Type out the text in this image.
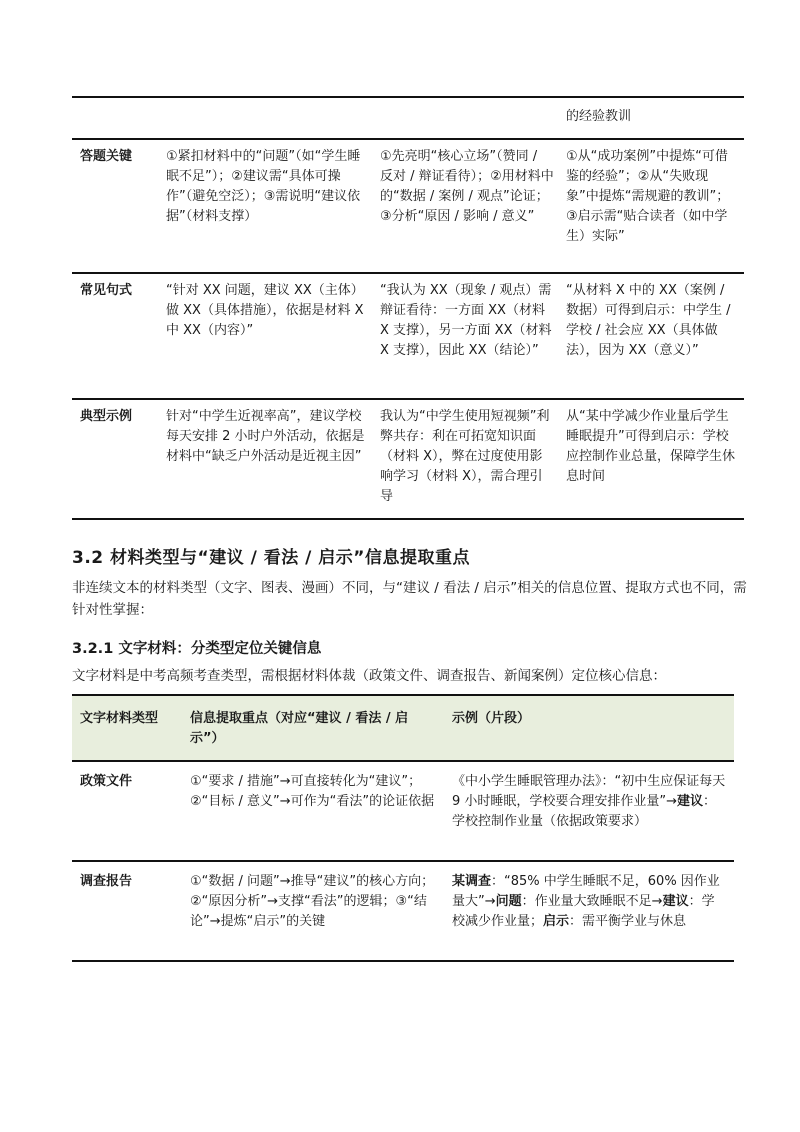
			的经验教训
答题关键	①紧扣材料中的“问题”（如“学生睡眠不足”）；②建议需“具体可操作”（避免空泛）；③需说明“建议依据”（材料支撑）	①先亮明“核心立场”（赞同 / 反对 / 辩证看待）；②用材料中的“数据 / 案例 / 观点”论证；③分析“原因 / 影响 / 意义”	①从“成功案例”中提炼“可借鉴的经验”；②从“失败现象”中提炼“需规避的教训”；③启示需“贴合读者（如中学生）实际”
常见句式	“针对 XX 问题，建议 XX（主体）做 XX（具体措施），依据是材料 X 中 XX（内容）”	“我认为 XX（现象 / 观点）需辩证看待：一方面 XX（材料 X 支撑），另一方面 XX（材料 X 支撑），因此 XX（结论）”	“从材料 X 中的 XX（案例 / 数据）可得到启示：中学生 / 学校 / 社会应 XX（具体做法），因为 XX（意义）”
典型示例	针对“中学生近视率高”，建议学校每天安排 2 小时户外活动，依据是材料中“缺乏户外活动是近视主因”	我认为“中学生使用短视频”利弊共存：利在可拓宽知识面（材料 X），弊在过度使用影响学习（材料 X），需合理引导	从“某中学减少作业量后学生睡眠提升”可得到启示：学校应控制作业总量，保障学生休息时间
3.2 材料类型与“建议 / 看法 / 启示”信息提取重点

非连续文本的材料类型（文字、图表、漫画）不同，与“建议 / 看法 / 启示”相关的信息位置、提取方式也不同，需针对性掌握：

3.2.1 文字材料：分类型定位关键信息

文字材料是中考高频考查类型，需根据材料体裁（政策文件、调查报告、新闻案例）定位核心信息：

文字材料类型	信息提取重点（对应“建议 / 看法 / 启示”）	示例（片段）
政策文件	①“要求 / 措施”→可直接转化为“建议”；②“目标 / 意义”→可作为“看法”的论证依据	《中小学生睡眠管理办法》：“初中生应保证每天 9 小时睡眠，学校要合理安排作业量”→建议：学校控制作业量（依据政策要求）
调查报告	①“数据 / 问题”→推导“建议”的核心方向；②“原因分析”→支撑“看法”的逻辑；③“结论”→提炼“启示”的关键	某调查：“85% 中学生睡眠不足，60% 因作业量大”→问题：作业量大致睡眠不足→建议：学校减少作业量；启示：需平衡学业与休息
